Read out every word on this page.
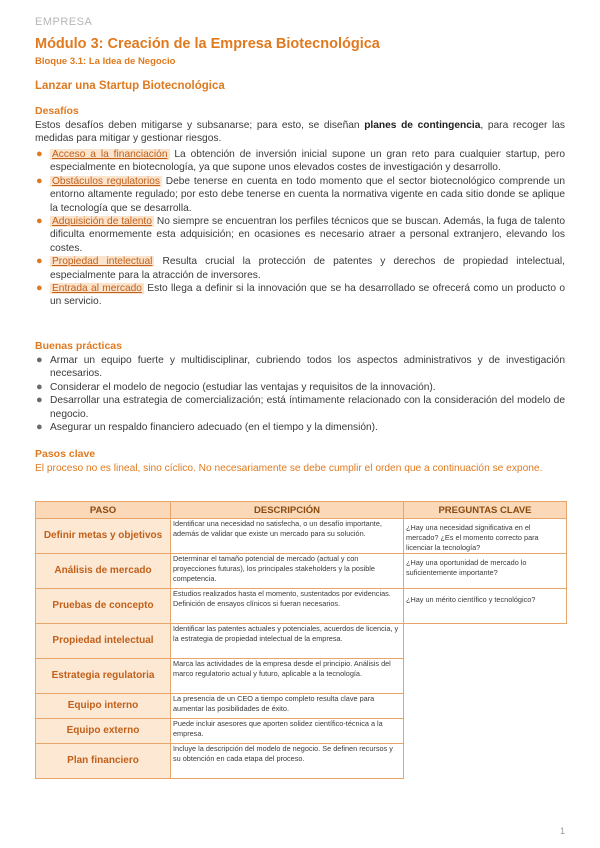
EMPRESA
Módulo 3: Creación de la Empresa Biotecnológica
Bloque 3.1: La Idea de Negocio
Lanzar una Startup Biotecnológica
Desafíos
Estos desafíos deben mitigarse y subsanarse; para esto, se diseñan planes de contingencia, para recoger las medidas para mitigar y gestionar riesgos.
● Acceso a la financiación La obtención de inversión inicial supone un gran reto para cualquier startup, pero especialmente en biotecnología, ya que supone unos elevados costes de investigación y desarrollo.
● Obstáculos regulatorios Debe tenerse en cuenta en todo momento que el sector biotecnológico comprende un entorno altamente regulado; por esto debe tenerse en cuenta la normativa vigente en cada sitio donde se aplique la tecnología que se desarrolla.
● Adquisición de talento No siempre se encuentran los perfiles técnicos que se buscan. Además, la fuga de talento dificulta enormemente esta adquisición; en ocasiones es necesario atraer a personal extranjero, elevando los costes.
● Propiedad intelectual Resulta crucial la protección de patentes y derechos de propiedad intelectual, especialmente para la atracción de inversores.
● Entrada al mercado Esto llega a definir si la innovación que se ha desarrollado se ofrecerá como un producto o un servicio.
Buenas prácticas
● Armar un equipo fuerte y multidisciplinar, cubriendo todos los aspectos administrativos y de investigación necesarios.
● Considerar el modelo de negocio (estudiar las ventajas y requisitos de la innovación).
● Desarrollar una estrategia de comercialización; está íntimamente relacionado con la consideración del modelo de negocio.
● Asegurar un respaldo financiero adecuado (en el tiempo y la dimensión).
Pasos clave
El proceso no es lineal, sino cíclico. No necesariamente se debe cumplir el orden que a continuación se expone.
PASO	DESCRIPCIÓN	PREGUNTAS CLAVE
Definir metas y objetivos	Identificar una necesidad no satisfecha, o un desafío importante, además de validar que existe un mercado para su solución.	¿Hay una necesidad significativa en el mercado? ¿Es el momento correcto para licenciar la tecnología?
Análisis de mercado	Determinar el tamaño potencial de mercado (actual y con proyecciones futuras), los principales stakeholders y la posible competencia.	¿Hay una oportunidad de mercado lo suficientemente importante?
Pruebas de concepto	Estudios realizados hasta el momento, sustentados por evidencias. Definición de ensayos clínicos si fueran necesarios.	¿Hay un mérito científico y tecnológico?
Propiedad intelectual	Identificar las patentes actuales y potenciales, acuerdos de licencia, y la estrategia de propiedad intelectual de la empresa.	
Estrategia regulatoria	Marca las actividades de la empresa desde el principio. Análisis del marco regulatorio actual y futuro, aplicable a la tecnología.	
Equipo interno	La presencia de un CEO a tiempo completo resulta clave para aumentar las posibilidades de éxito.	
Equipo externo	Puede incluir asesores que aporten solidez científico-técnica a la empresa.	
Plan financiero	Incluye la descripción del modelo de negocio. Se definen recursos y su obtención en cada etapa del proceso.	
1
